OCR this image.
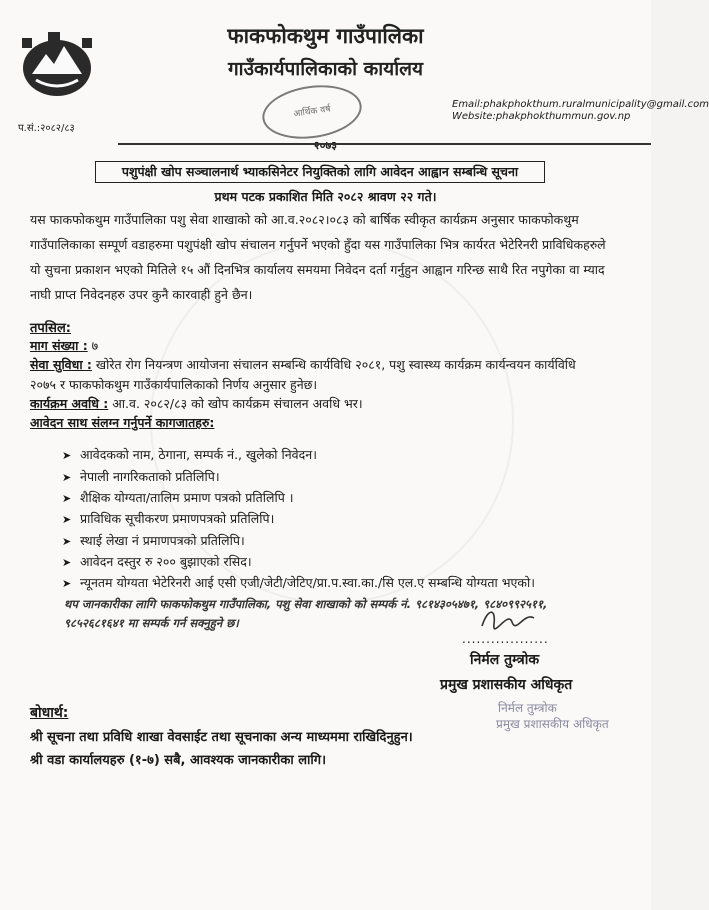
प.सं.:२०८२/८३
फाकफोकथुम गाउँपालिका
गाउँकार्यपालिकाको कार्यालय
आर्थिक वर्ष
२०७३
Email:phakphokthum.ruralmunicipality@gmail.com
Website:phakphokthummun.gov.np
पशुपंक्षी खोप सञ्चालनार्थ भ्याकसिनेटर नियुक्तिको लागि आवेदन आह्वान सम्बन्धि सूचना
प्रथम पटक प्रकाशित मिति २०८२ श्रावण २२ गते।
यस फाकफोकथुम गाउँपालिका पशु सेवा शाखाको को आ.व.२०८२।०८३ को बार्षिक स्वीकृत कार्यक्रम अनुसार फाकफोकथुम
गाउँपालिकाका सम्पूर्ण वडाहरुमा पशुपंक्षी खोप संचालन गर्नुपर्ने भएको हुँदा यस गाउँपालिका भित्र कार्यरत भेटेरिनरी प्राविधिकहरुले
यो सुचना प्रकाशन भएको मितिले १५ औं दिनभित्र कार्यालय समयमा निवेदन दर्ता गर्नुहुन आह्वान गरिन्छ साथै रित नपुगेका वा म्याद
नाघी प्राप्त निवेदनहरु उपर कुनै कारवाही हुने छैन।
तपसिल:
माग संख्या : ७
सेवा सुविधा : खोरेत रोग नियन्त्रण आयोजना संचालन सम्बन्धि कार्यविधि २०८१, पशु स्वास्थ्य कार्यक्रम कार्यन्वयन कार्यविधि
२०७५ र फाकफोकथुम गाउँकार्यपालिकाको निर्णय अनुसार हुनेछ।
कार्यक्रम अवधि : आ.व. २०८२/८३ को खोप कार्यक्रम संचालन अवधि भर।
आवेदन साथ संलग्न गर्नुपर्ने कागजातहरु:
➤ आवेदकको नाम, ठेगाना, सम्पर्क नं., खुलेको निवेदन।
➤ नेपाली नागरिकताको प्रतिलिपि।
➤ शैक्षिक योग्यता/तालिम प्रमाण पत्रको प्रतिलिपि ।
➤ प्राविधिक सूचीकरण प्रमाणपत्रको प्रतिलिपि।
➤ स्थाई लेखा नं प्रमाणपत्रको प्रतिलिपि।
➤ आवेदन दस्तुर रु २०० बुझाएको रसिद।
➤ न्यूनतम योग्यता भेटेरिनरी आई एसी एजी/जेटी/जेटिए/प्रा.प.स्वा.का./सि एल.ए सम्बन्धि योग्यता भएको।
थप जानकारीका लागि फाकफोकथुम गाउँपालिका, पशु सेवा शाखाको को सम्पर्क नं. ९८१४३०५४७१, ९८४०९९२५११,
९८५२६८१६४१ मा सम्पर्क गर्न सक्नुहुने छ।
..................
निर्मल तुम्त्रोक
प्रमुख प्रशासकीय अधिकृत
निर्मल तुम्त्रोक
प्रमुख प्रशासकीय अधिकृत
बोधार्थ:
श्री सूचना तथा प्रविधि शाखा वेवसाईट तथा सूचनाका अन्य माध्यममा राखिदिनुहुन।
श्री वडा कार्यालयहरु (१-७) सबै, आवश्यक जानकारीका लागि।
